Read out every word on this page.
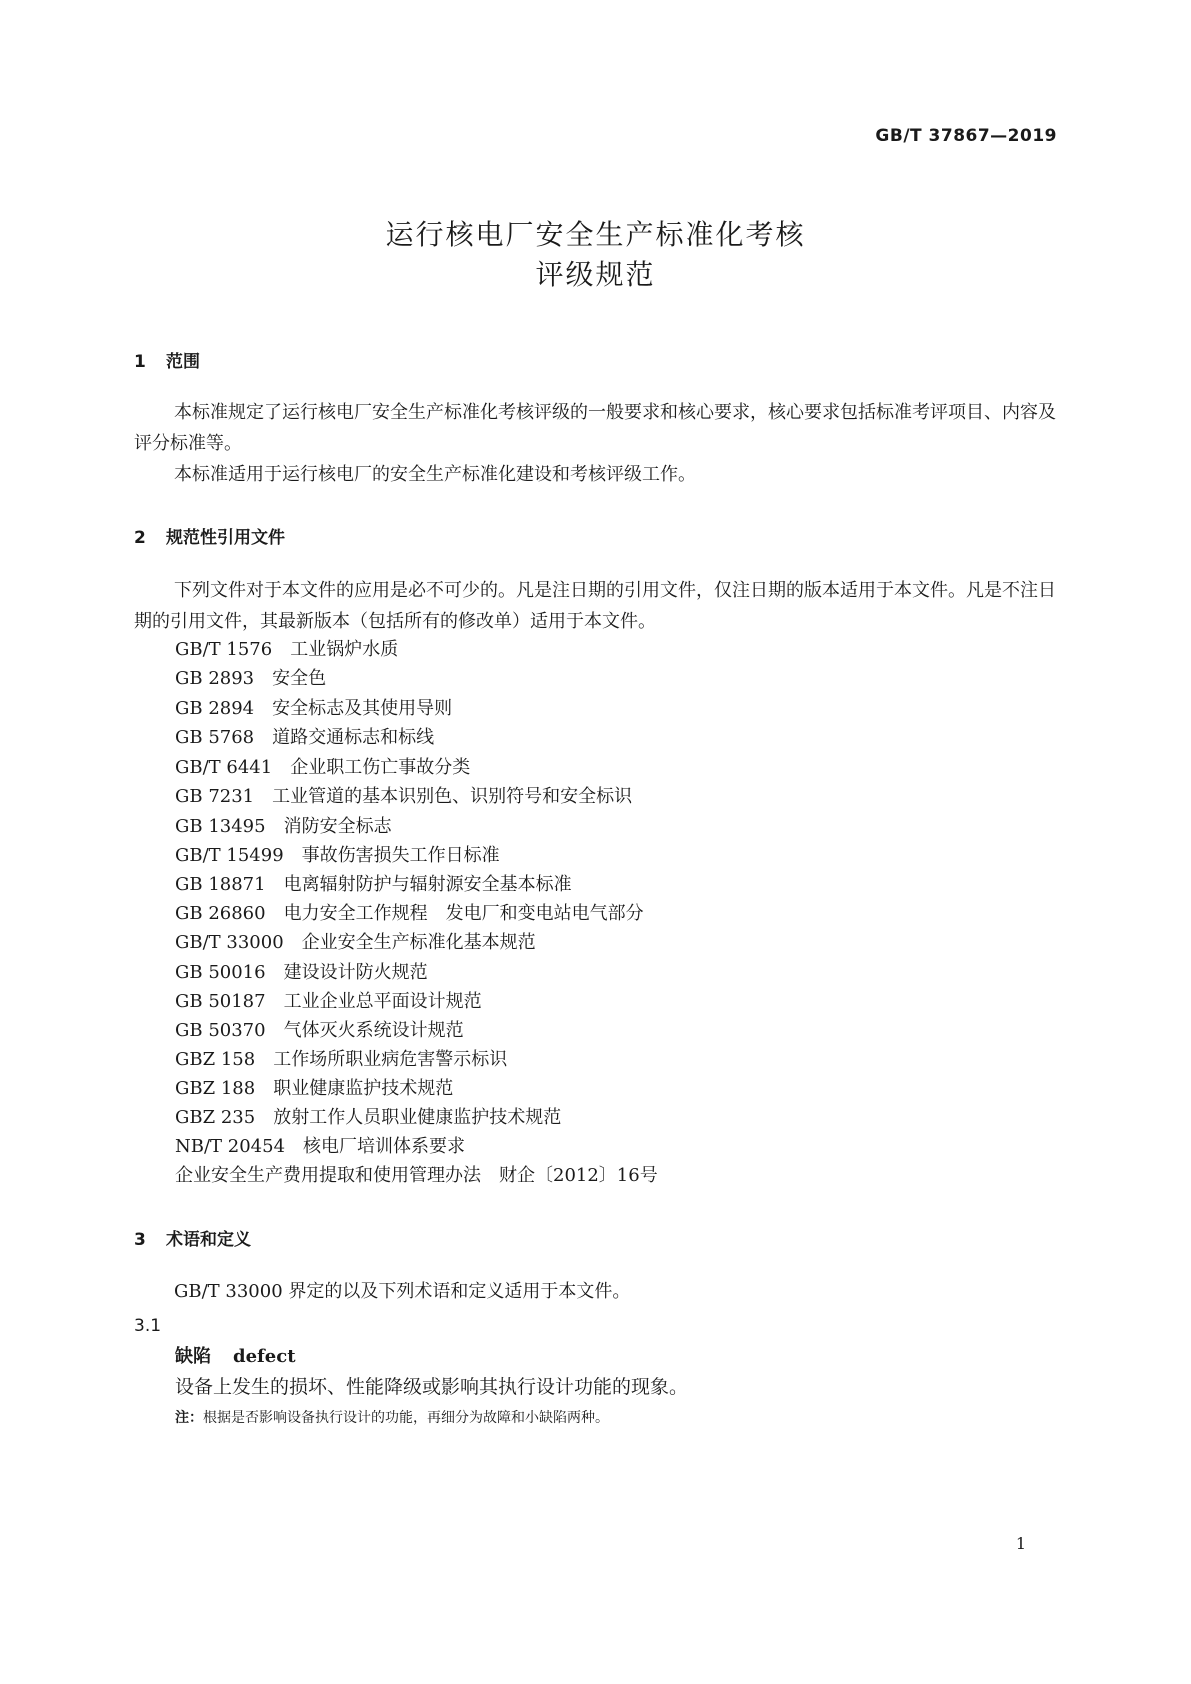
GB/T 37867—2019
运行核电厂安全生产标准化考核
评级规范
1 范围
本标准规定了运行核电厂安全生产标准化考核评级的一般要求和核心要求，核心要求包括标准考评项目、内容及评分标准等。
本标准适用于运行核电厂的安全生产标准化建设和考核评级工作。
2 规范性引用文件
下列文件对于本文件的应用是必不可少的。凡是注日期的引用文件，仅注日期的版本适用于本文件。凡是不注日期的引用文件，其最新版本（包括所有的修改单）适用于本文件。
GB/T 1576 工业锅炉水质
GB 2893 安全色
GB 2894 安全标志及其使用导则
GB 5768 道路交通标志和标线
GB/T 6441 企业职工伤亡事故分类
GB 7231 工业管道的基本识别色、识别符号和安全标识
GB 13495 消防安全标志
GB/T 15499 事故伤害损失工作日标准
GB 18871 电离辐射防护与辐射源安全基本标准
GB 26860 电力安全工作规程　发电厂和变电站电气部分
GB/T 33000 企业安全生产标准化基本规范
GB 50016 建设设计防火规范
GB 50187 工业企业总平面设计规范
GB 50370 气体灭火系统设计规范
GBZ 158 工作场所职业病危害警示标识
GBZ 188 职业健康监护技术规范
GBZ 235 放射工作人员职业健康监护技术规范
NB/T 20454 核电厂培训体系要求
企业安全生产费用提取和使用管理办法 财企〔2012〕16号
3 术语和定义
GB/T 33000 界定的以及下列术语和定义适用于本文件。
3.1
缺陷 defect
设备上发生的损坏、性能降级或影响其执行设计功能的现象。
注：根据是否影响设备执行设计的功能，再细分为故障和小缺陷两种。
1
